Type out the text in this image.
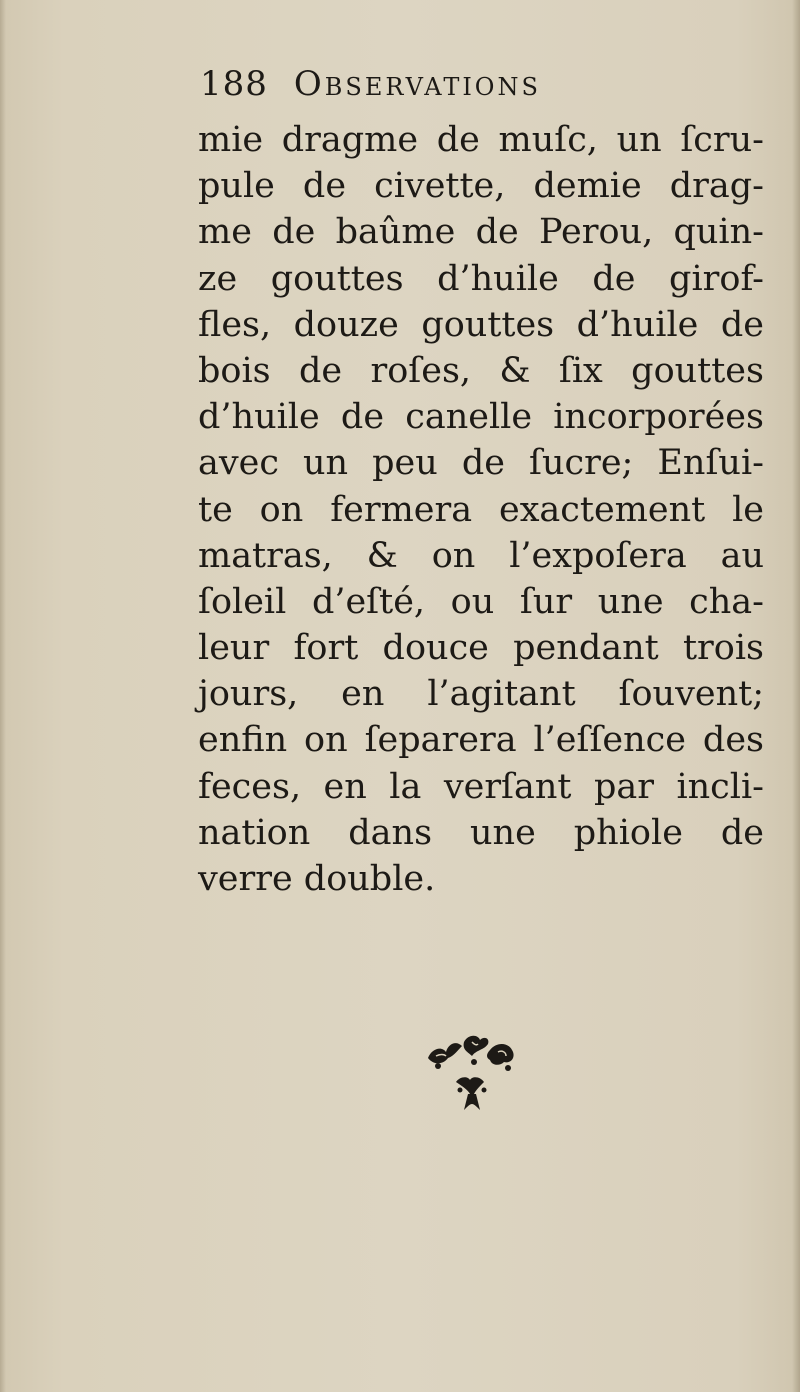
188 Observations
mie dragme de muſc, un ſcru-
pule de civette, demie drag-
me de baûme de Perou, quin-
ze gouttes d’huile de girof-
fles, douze gouttes d’huile de
bois de roſes, & ſix gouttes
d’huile de canelle incorporées
avec un peu de ſucre; Enſui-
te on fermera exactement le
matras, & on l’expoſera au
ſoleil d’eſté, ou ſur une cha-
leur fort douce pendant trois
jours, en l’agitant ſouvent;
enfin on ſeparera l’eſſence des
feces, en la verſant par incli-
nation dans une phiole de
verre double.
